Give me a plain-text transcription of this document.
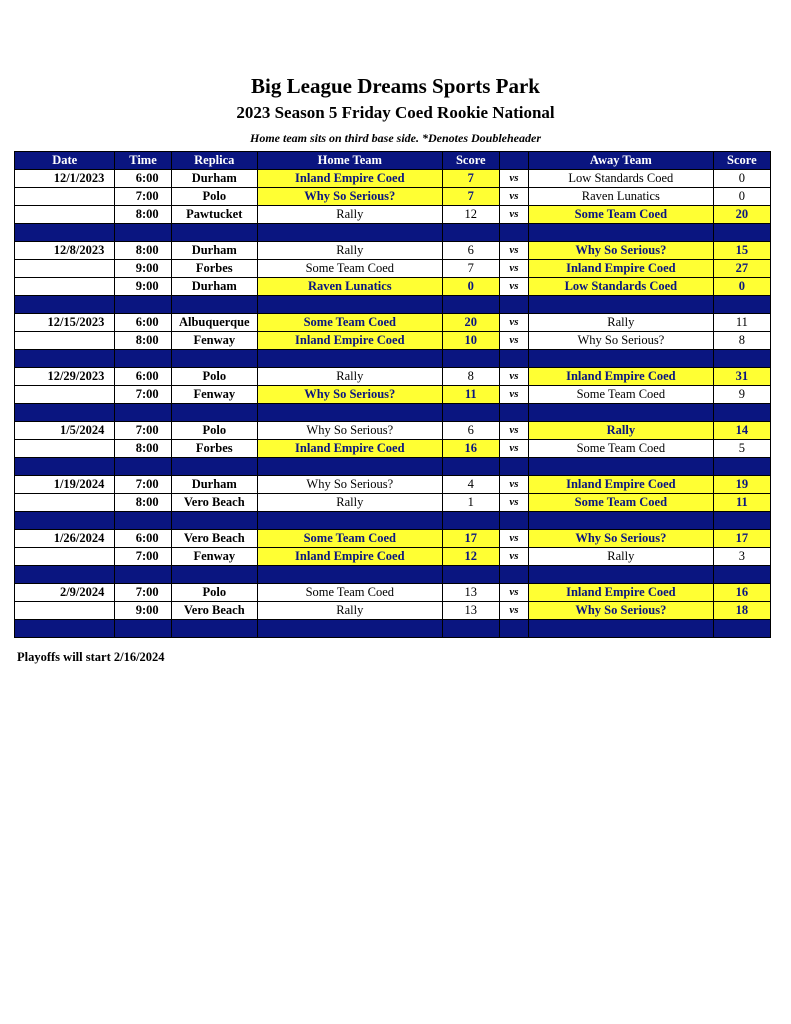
Big League Dreams Sports Park
2023 Season 5 Friday Coed Rookie National
Home team sits on third base side. *Denotes Doubleheader
Date	Time	Replica	Home Team	Score		Away Team	Score
12/1/2023	6:00	Durham	Inland Empire Coed	7	vs	Low Standards Coed	0
	7:00	Polo	Why So Serious?	7	vs	Raven Lunatics	0
	8:00	Pawtucket	Rally	12	vs	Some Team Coed	20

12/8/2023	8:00	Durham	Rally	6	vs	Why So Serious?	15
	9:00	Forbes	Some Team Coed	7	vs	Inland Empire Coed	27
	9:00	Durham	Raven Lunatics	0	vs	Low Standards Coed	0

12/15/2023	6:00	Albuquerque	Some Team Coed	20	vs	Rally	11
	8:00	Fenway	Inland Empire Coed	10	vs	Why So Serious?	8

12/29/2023	6:00	Polo	Rally	8	vs	Inland Empire Coed	31
	7:00	Fenway	Why So Serious?	11	vs	Some Team Coed	9

1/5/2024	7:00	Polo	Why So Serious?	6	vs	Rally	14
	8:00	Forbes	Inland Empire Coed	16	vs	Some Team Coed	5

1/19/2024	7:00	Durham	Why So Serious?	4	vs	Inland Empire Coed	19
	8:00	Vero Beach	Rally	1	vs	Some Team Coed	11

1/26/2024	6:00	Vero Beach	Some Team Coed	17	vs	Why So Serious?	17
	7:00	Fenway	Inland Empire Coed	12	vs	Rally	3

2/9/2024	7:00	Polo	Some Team Coed	13	vs	Inland Empire Coed	16
	9:00	Vero Beach	Rally	13	vs	Why So Serious?	18

Playoffs will start 2/16/2024
